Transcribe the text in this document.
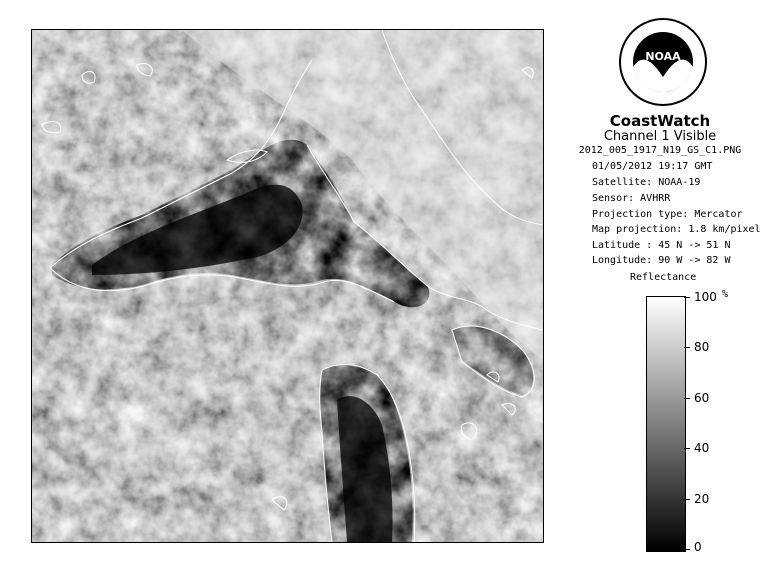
NOAA
CoastWatch
Channel 1 Visible
2012_005_1917_N19_GS_C1.PNG
01/05/2012 19:17 GMT
Satellite: NOAA-19
Sensor: AVHRR
Projection type: Mercator
Map projection: 1.8 km/pixel
Latitude : 45 N -> 51 N
Longitude: 90 W -> 82 W
Reflectance
%
100
80
60
40
20
0
